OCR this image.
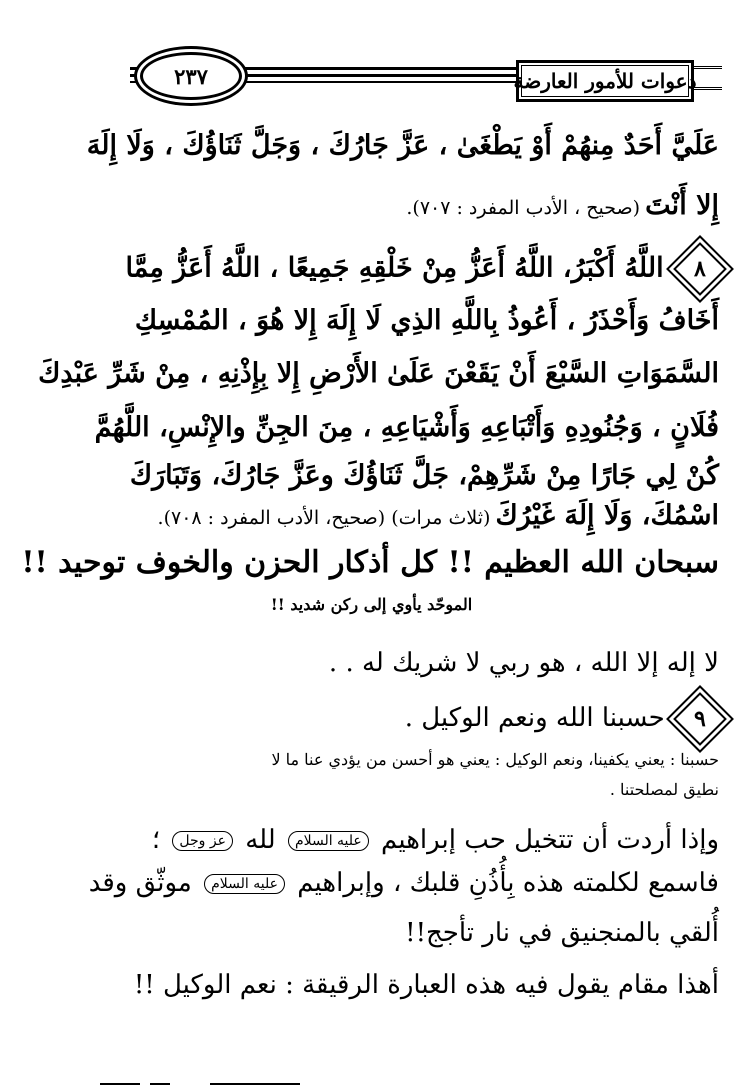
٢٣٧	دعوات للأمور العارضة
عَلَيَّ أَحَدٌ مِنهُمْ أَوْ يَطْغَىٰ ، عَزَّ جَارُكَ ، وَجَلَّ ثَنَاؤُكَ ، وَلَا إِلَهَ
إِلا أَنْتَ (صحيح ، الأدب المفرد : ٧٠٧).
٨
اللَّهُ أَكْبَرُ، اللَّهُ أَعَزُّ مِنْ خَلْقِهِ جَمِيعًا ، اللَّهُ أَعَزُّ مِمَّا
أَخَافُ وَأَحْذَرُ ، أَعُوذُ بِاللَّهِ الذِي لَا إِلَهَ إِلا هُوَ ، المُمْسِكِ
السَّمَوَاتِ السَّبْعَ أَنْ يَقَعْنَ عَلَىٰ الأَرْضِ إِلا بِإِذْنِهِ ، مِنْ شَرِّ عَبْدِكَ
فُلَانٍ ، وَجُنُودِهِ وَأَتْبَاعِهِ وَأَشْيَاعِهِ ، مِنَ الجِنِّ والإِنْسِ، اللَّهُمَّ
كُنْ لِي جَارًا مِنْ شَرِّهِمْ، جَلَّ ثَنَاؤُكَ وعَزَّ جَارُكَ، وَتَبَارَكَ
اسْمُكَ، وَلَا إِلَهَ غَيْرُكَ (ثلاث مرات) (صحيح، الأدب المفرد : ٧٠٨).
سبحان الله العظيم !! كل أذكار الحزن والخوف توحيد !!
الموحّد يأوي إلى ركن شديد !!
لا إله إلا الله ، هو ربي لا شريك له . .
٩
حسبنا الله ونعم الوكيل .
حسبنا : يعني يكفينا، ونعم الوكيل : يعني هو أحسن من يؤدي عنا ما لا
نطيق لمصلحتنا .
وإذا أردت أن تتخيل حب إبراهيم عليه السلام لله عز وجل ؛
فاسمع لكلمته هذه بِأُذُنِ قلبك ، وإبراهيم عليه السلام موثّق وقد
أُلقي بالمنجنيق في نار تأجج!!
أهذا مقام يقول فيه هذه العبارة الرقيقة : نعم الوكيل !!
